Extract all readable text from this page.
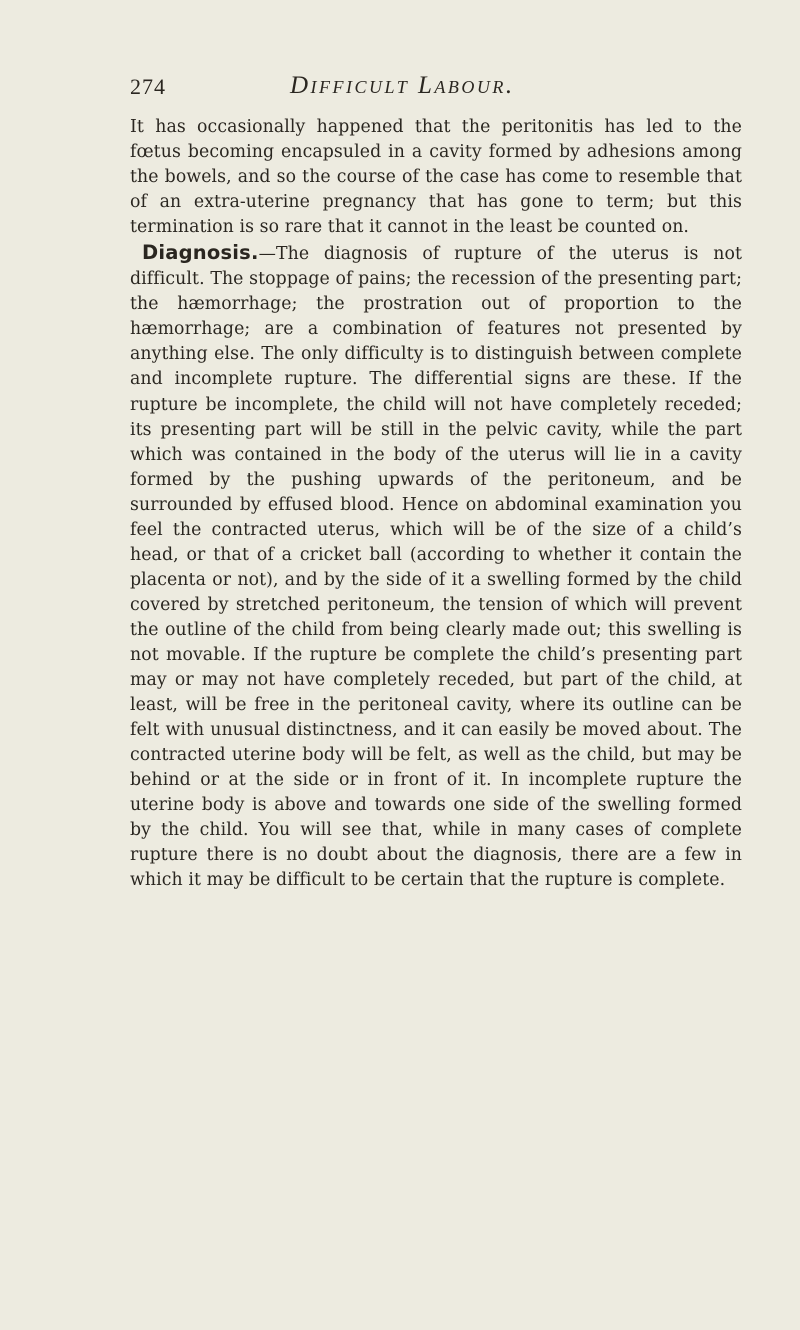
274	Difficult Labour.

It has occasionally happened that the peritonitis has led to the fœtus becoming encapsuled in a cavity formed by adhesions among the bowels, and so the course of the case has come to resemble that of an extra-uterine pregnancy that has gone to term; but this termination is so rare that it cannot in the least be counted on.

Diagnosis.—The diagnosis of rupture of the uterus is not difficult. The stoppage of pains; the recession of the presenting part; the hæmorrhage; the prostration out of proportion to the hæmorrhage; are a combination of features not presented by anything else. The only difficulty is to distinguish between complete and incomplete rupture. The differential signs are these. If the rupture be incomplete, the child will not have completely receded; its presenting part will be still in the pelvic cavity, while the part which was contained in the body of the uterus will lie in a cavity formed by the pushing upwards of the peritoneum, and be surrounded by effused blood. Hence on abdominal examination you feel the contracted uterus, which will be of the size of a child’s head, or that of a cricket ball (according to whether it contain the placenta or not), and by the side of it a swelling formed by the child covered by stretched peritoneum, the tension of which will prevent the outline of the child from being clearly made out; this swelling is not movable. If the rupture be complete the child’s presenting part may or may not have completely receded, but part of the child, at least, will be free in the peritoneal cavity, where its outline can be felt with unusual distinctness, and it can easily be moved about. The contracted uterine body will be felt, as well as the child, but may be behind or at the side or in front of it. In incomplete rupture the uterine body is above and towards one side of the swelling formed by the child. You will see that, while in many cases of complete rupture there is no doubt about the diagnosis, there are a few in which it may be difficult to be certain that the rupture is complete.
